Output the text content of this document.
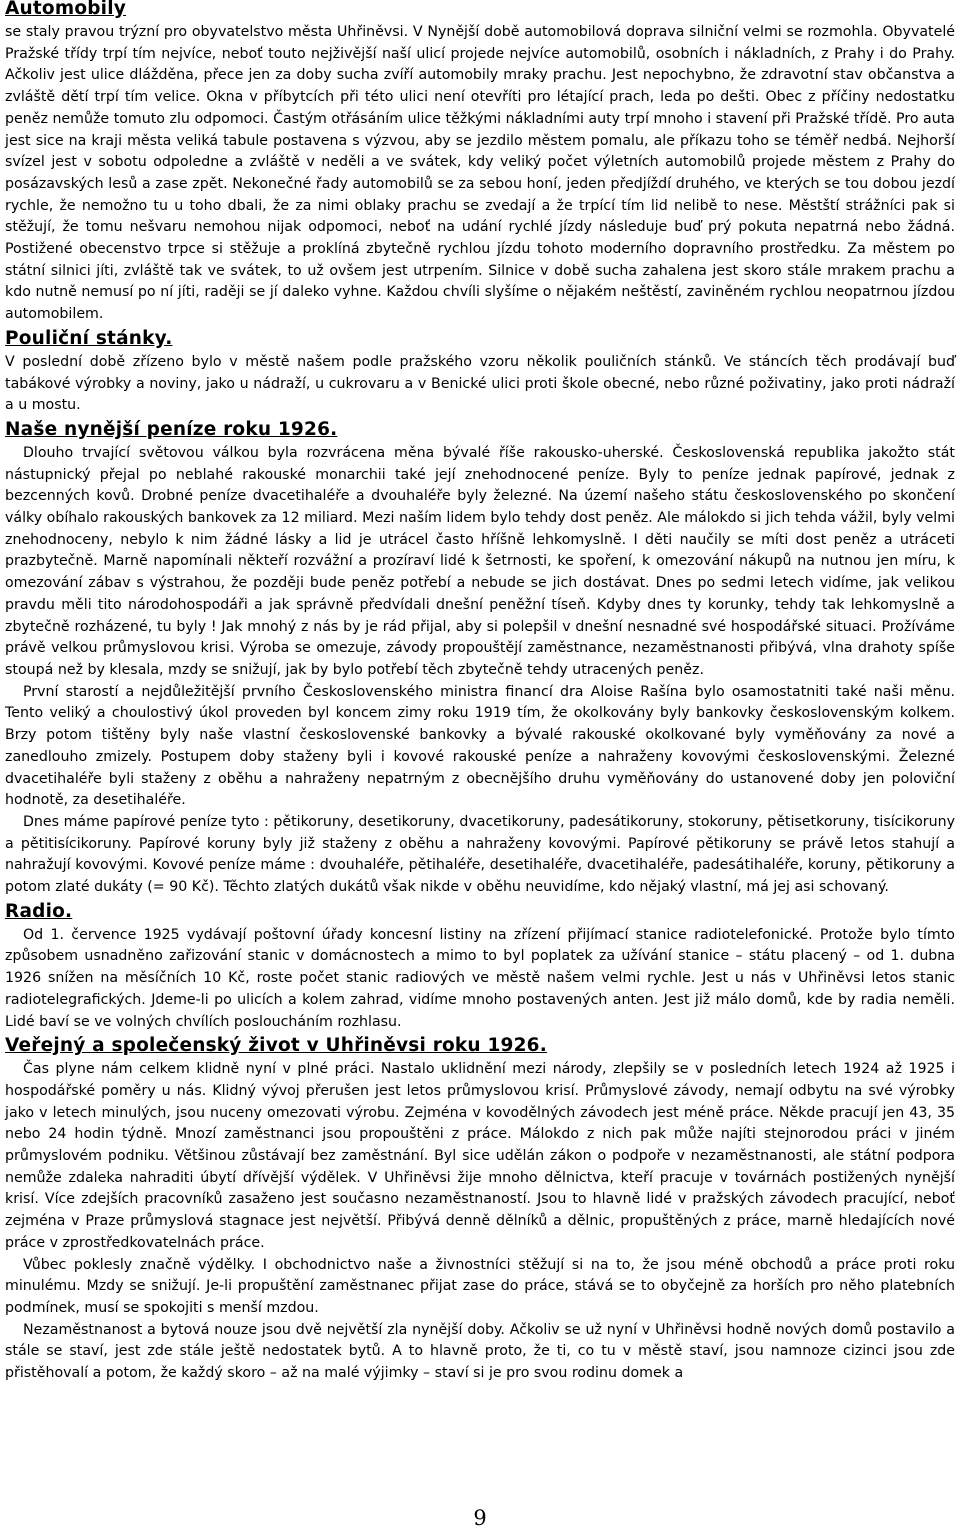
Automobily

se staly pravou trýzní pro obyvatelstvo města Uhřiněvsi. V Nynější době automobilová doprava silniční velmi se rozmohla. Obyvatelé Pražské třídy trpí tím nejvíce, neboť touto nejživější naší ulicí projede nejvíce automobilů, osobních i nákladních, z Prahy i do Prahy. Ačkoliv jest ulice dlážděna, přece jen za doby sucha zvíří automobily mraky prachu. Jest nepochybno, že zdravotní stav občanstva a zvláště dětí trpí tím velice. Okna v příbytcích při této ulici není otevříti pro létající prach, leda po dešti. Obec z příčiny nedostatku peněz nemůže tomuto zlu odpomoci. Častým otřásáním ulice těžkými nákladními auty trpí mnoho i stavení při Pražské třídě. Pro auta jest sice na kraji města veliká tabule postavena s výzvou, aby se jezdilo městem pomalu, ale příkazu toho se téměř nedbá. Nejhorší svízel jest v sobotu odpoledne a zvláště v neděli a ve svátek, kdy veliký počet výletních automobilů projede městem z Prahy do posázavských lesů a zase zpět. Nekonečné řady automobilů se za sebou honí, jeden předjíždí druhého, ve kterých se tou dobou jezdí rychle, že nemožno tu u toho dbali, že za nimi oblaky prachu se zvedají a že trpící tím lid nelibě to nese. Městští strážníci pak si stěžují, že tomu nešvaru nemohou nijak odpomoci, neboť na udání rychlé jízdy následuje buď prý pokuta nepatrná nebo žádná. Postižené obecenstvo trpce si stěžuje a proklíná zbytečně rychlou jízdu tohoto moderního dopravního prostředku. Za městem po státní silnici jíti, zvláště tak ve svátek, to už ovšem jest utrpením. Silnice v době sucha zahalena jest skoro stále mrakem prachu a kdo nutně nemusí po ní jíti, raději se jí daleko vyhne. Každou chvíli slyšíme o nějakém neštěstí, zaviněném rychlou neopatrnou jízdou automobilem.

Pouliční stánky.

V poslední době zřízeno bylo v městě našem podle pražského vzoru několik pouličních stánků. Ve stáncích těch prodávají buď tabákové výrobky a noviny, jako u nádraží, u cukrovaru a v Benické ulici proti škole obecné, nebo různé poživatiny, jako proti nádraží a u mostu.

Naše nynější peníze roku 1926.

Dlouho trvající světovou válkou byla rozvrácena měna bývalé říše rakousko-uherské. Československá republika jakožto stát nástupnický přejal po neblahé rakouské monarchii také její znehodnocené peníze. Byly to peníze jednak papírové, jednak z bezcenných kovů. Drobné peníze dvacetihaléře a dvouhaléře byly železné. Na území našeho státu československého po skončení války obíhalo rakouských bankovek za 12 miliard. Mezi naším lidem bylo tehdy dost peněz. Ale málokdo si jich tehda vážil, byly velmi znehodnoceny, nebylo k nim žádné lásky a lid je utrácel často hříšně lehkomyslně. I děti naučily se míti dost peněz a utráceti prazbytečně. Marně napomínali někteří rozvážní a prozíraví lidé k šetrnosti, ke spoření, k omezování nákupů na nutnou jen míru, k omezování zábav s výstrahou, že později bude peněz potřebí a nebude se jich dostávat. Dnes po sedmi letech vidíme, jak velikou pravdu měli tito národohospodáři a jak správně předvídali dnešní peněžní tíseň. Kdyby dnes ty korunky, tehdy tak lehkomyslně a zbytečně rozházené, tu byly ! Jak mnohý z nás by je rád přijal, aby si polepšil v dnešní nesnadné své hospodářské situaci. Prožíváme právě velkou průmyslovou krisi. Výroba se omezuje, závody propouštějí zaměstnance, nezaměstnanosti přibývá, vlna drahoty spíše stoupá než by klesala, mzdy se snižují, jak by bylo potřebí těch zbytečně tehdy utracených peněz.

První starostí a nejdůležitější prvního Československého ministra financí dra Aloise Rašína bylo osamostatniti také naši měnu. Tento veliký a choulostivý úkol proveden byl koncem zimy roku 1919 tím, že okolkovány byly bankovky československým kolkem. Brzy potom tištěny byly naše vlastní československé bankovky a bývalé rakouské okolkované byly vyměňovány za nové a zanedlouho zmizely. Postupem doby staženy byli i kovové rakouské peníze a nahraženy kovovými československými. Železné dvacetihaléře byli staženy z oběhu a nahraženy nepatrným z obecnějšího druhu vyměňovány do ustanovené doby jen poloviční hodnotě, za desetihaléře.

Dnes máme papírové peníze tyto : pětikoruny, desetikoruny, dvacetikoruny, padesátikoruny, stokoruny, pětisetkoruny, tisícikoruny a pětitisícikoruny. Papírové koruny byly již staženy z oběhu a nahraženy kovovými. Papírové pětikoruny se právě letos stahují a nahražují kovovými. Kovové peníze máme : dvouhaléře, pětihaléře, desetihaléře, dvacetihaléře, padesátihaléře, koruny, pětikoruny a potom zlaté dukáty (= 90 Kč). Těchto zlatých dukátů však nikde v oběhu neuvidíme, kdo nějaký vlastní, má jej asi schovaný.

Radio.

Od 1. července 1925 vydávají poštovní úřady koncesní listiny na zřízení přijímací stanice radiotelefonické. Protože bylo tímto způsobem usnadněno zařizování stanic v domácnostech a mimo to byl poplatek za užívání stanice – státu placený – od 1. dubna 1926 snížen na měsíčních 10 Kč, roste počet stanic radiových ve městě našem velmi rychle. Jest u nás v Uhřiněvsi letos stanic radiotelegrafických. Jdeme-li po ulicích a kolem zahrad, vidíme mnoho postavených anten. Jest již málo domů, kde by radia neměli. Lidé baví se ve volných chvílích posloucháním rozhlasu.

Veřejný a společenský život v Uhřiněvsi roku 1926.

Čas plyne nám celkem klidně nyní v plné práci. Nastalo uklidnění mezi národy, zlepšily se v posledních letech 1924 až 1925 i hospodářské poměry u nás. Klidný vývoj přerušen jest letos průmyslovou krisí. Průmyslové závody, nemají odbytu na své výrobky jako v letech minulých, jsou nuceny omezovati výrobu. Zejména v kovodělných závodech jest méně práce. Někde pracují jen 43, 35 nebo 24 hodin týdně. Mnozí zaměstnanci jsou propouštěni z práce. Málokdo z nich pak může najíti stejnorodou práci v jiném průmyslovém podniku. Většinou zůstávají bez zaměstnání. Byl sice udělán zákon o podpoře v nezaměstnanosti, ale státní podpora nemůže zdaleka nahraditi úbytí dřívější výdělek. V Uhřiněvsi žije mnoho dělnictva, kteří pracuje v továrnách postižených nynější krisí. Více zdejších pracovníků zasaženo jest současno nezaměstnaností. Jsou to hlavně lidé v pražských závodech pracující, neboť zejména v Praze průmyslová stagnace jest největší. Přibývá denně dělníků a dělnic, propuštěných z práce, marně hledajících nové práce v zprostředkovatelnách práce.

Vůbec poklesly značně výdělky. I obchodnictvo naše a živnostníci stěžují si na to, že jsou méně obchodů a práce proti roku minulému. Mzdy se snižují. Je-li propuštění zaměstnanec přijat zase do práce, stává se to obyčejně za horších pro něho platebních podmínek, musí se spokojiti s menší mzdou.

Nezaměstnanost a bytová nouze jsou dvě největší zla nynější doby. Ačkoliv se už nyní v Uhřiněvsi hodně nových domů postavilo a stále se staví, jest zde stále ještě nedostatek bytů. A to hlavně proto, že ti, co tu v městě staví, jsou namnoze cizinci jsou zde přistěhovalí a potom, že každý skoro – až na malé výjimky – staví si je pro svou rodinu domek a

9
